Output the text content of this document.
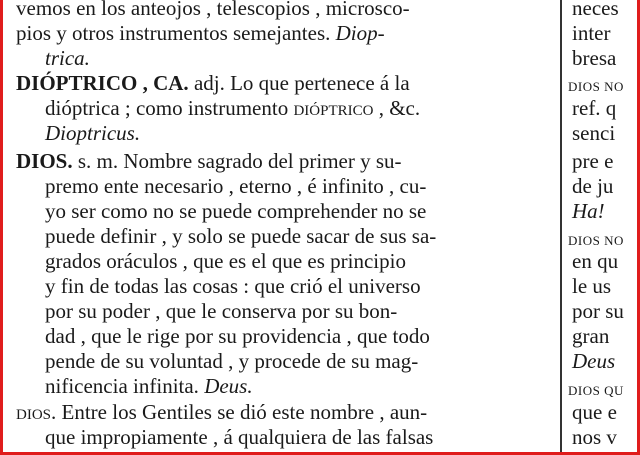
vemos en los anteojos , telescopios , microsco-
pios y otros instrumentos semejantes. Diop-
trica.
DIÓPTRICO , CA. adj. Lo que pertenece á la
dióptrica ; como instrumento dióptrico , &c.
Dioptricus.
DIOS. s. m. Nombre sagrado del primer y su-
premo ente necesario , eterno , é infinito , cu-
yo ser como no se puede comprehender no se
puede definir , y solo se puede sacar de sus sa-
grados oráculos , que es el que es principio
y fin de todas las cosas : que crió el universo
por su poder , que le conserva por su bon-
dad , que le rige por su providencia , que todo
pende de su voluntad , y procede de su mag-
nificencia infinita. Deus.
dios. Entre los Gentiles se dió este nombre , aun-
que impropiamente , á qualquiera de las falsas
neces
inter
bresa
DIOS NO
ref. q
senci
pre e
de ju
Ha!
DIOS NO
en qu
le us
por su
gran
Deus
DIOS QU
que e
nos v
